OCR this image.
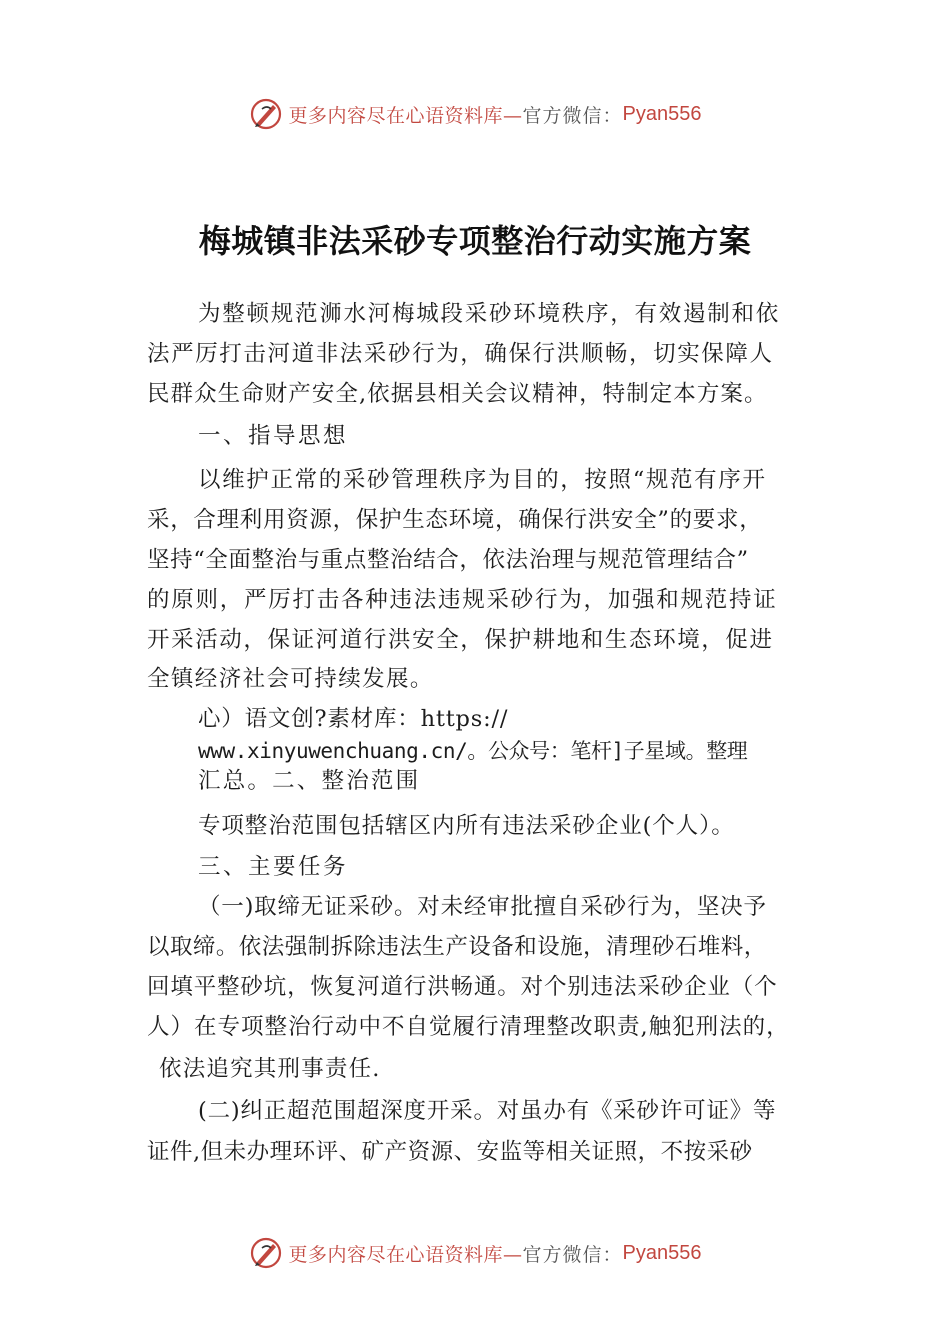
更多内容尽在心语资料库— 官方微信： Pyan556
梅城镇非法采砂专项整治行动实施方案
为整顿规范浉水河梅城段采砂环境秩序，有效遏制和依
法严厉打击河道非法采砂行为，确保行洪顺畅，切实保障人
民群众生命财产安全,依据县相关会议精神，特制定本方案。
一、指导思想
以维护正常的采砂管理秩序为目的，按照“规范有序开
采，合理利用资源，保护生态环境，确保行洪安全”的要求，
坚持“全面整治与重点整治结合，依法治理与规范管理结合”
的原则，严厉打击各种违法违规采砂行为，加强和规范持证
开采活动，保证河道行洪安全，保护耕地和生态环境，促进
全镇经济社会可持续发展。
心）语文创?素材库：https://
www.xinyuwenchuang.cn/。公众号：笔杆]子星域。整理
汇总。二、整治范围
专项整治范围包括辖区内所有违法采砂企业(个人）。
三、主要任务
（一)取缔无证采砂。对未经审批擅自采砂行为，坚决予
以取缔。依法强制拆除违法生产设备和设施，清理砂石堆料，
回填平整砂坑，恢复河道行洪畅通。对个别违法采砂企业（个
人）在专项整治行动中不自觉履行清理整改职责,触犯刑法的，
依法追究其刑事责任.
(二)纠正超范围超深度开采。对虽办有《采砂许可证》等
证件,但未办理环评、矿产资源、安监等相关证照，不按采砂
更多内容尽在心语资料库— 官方微信： Pyan556
